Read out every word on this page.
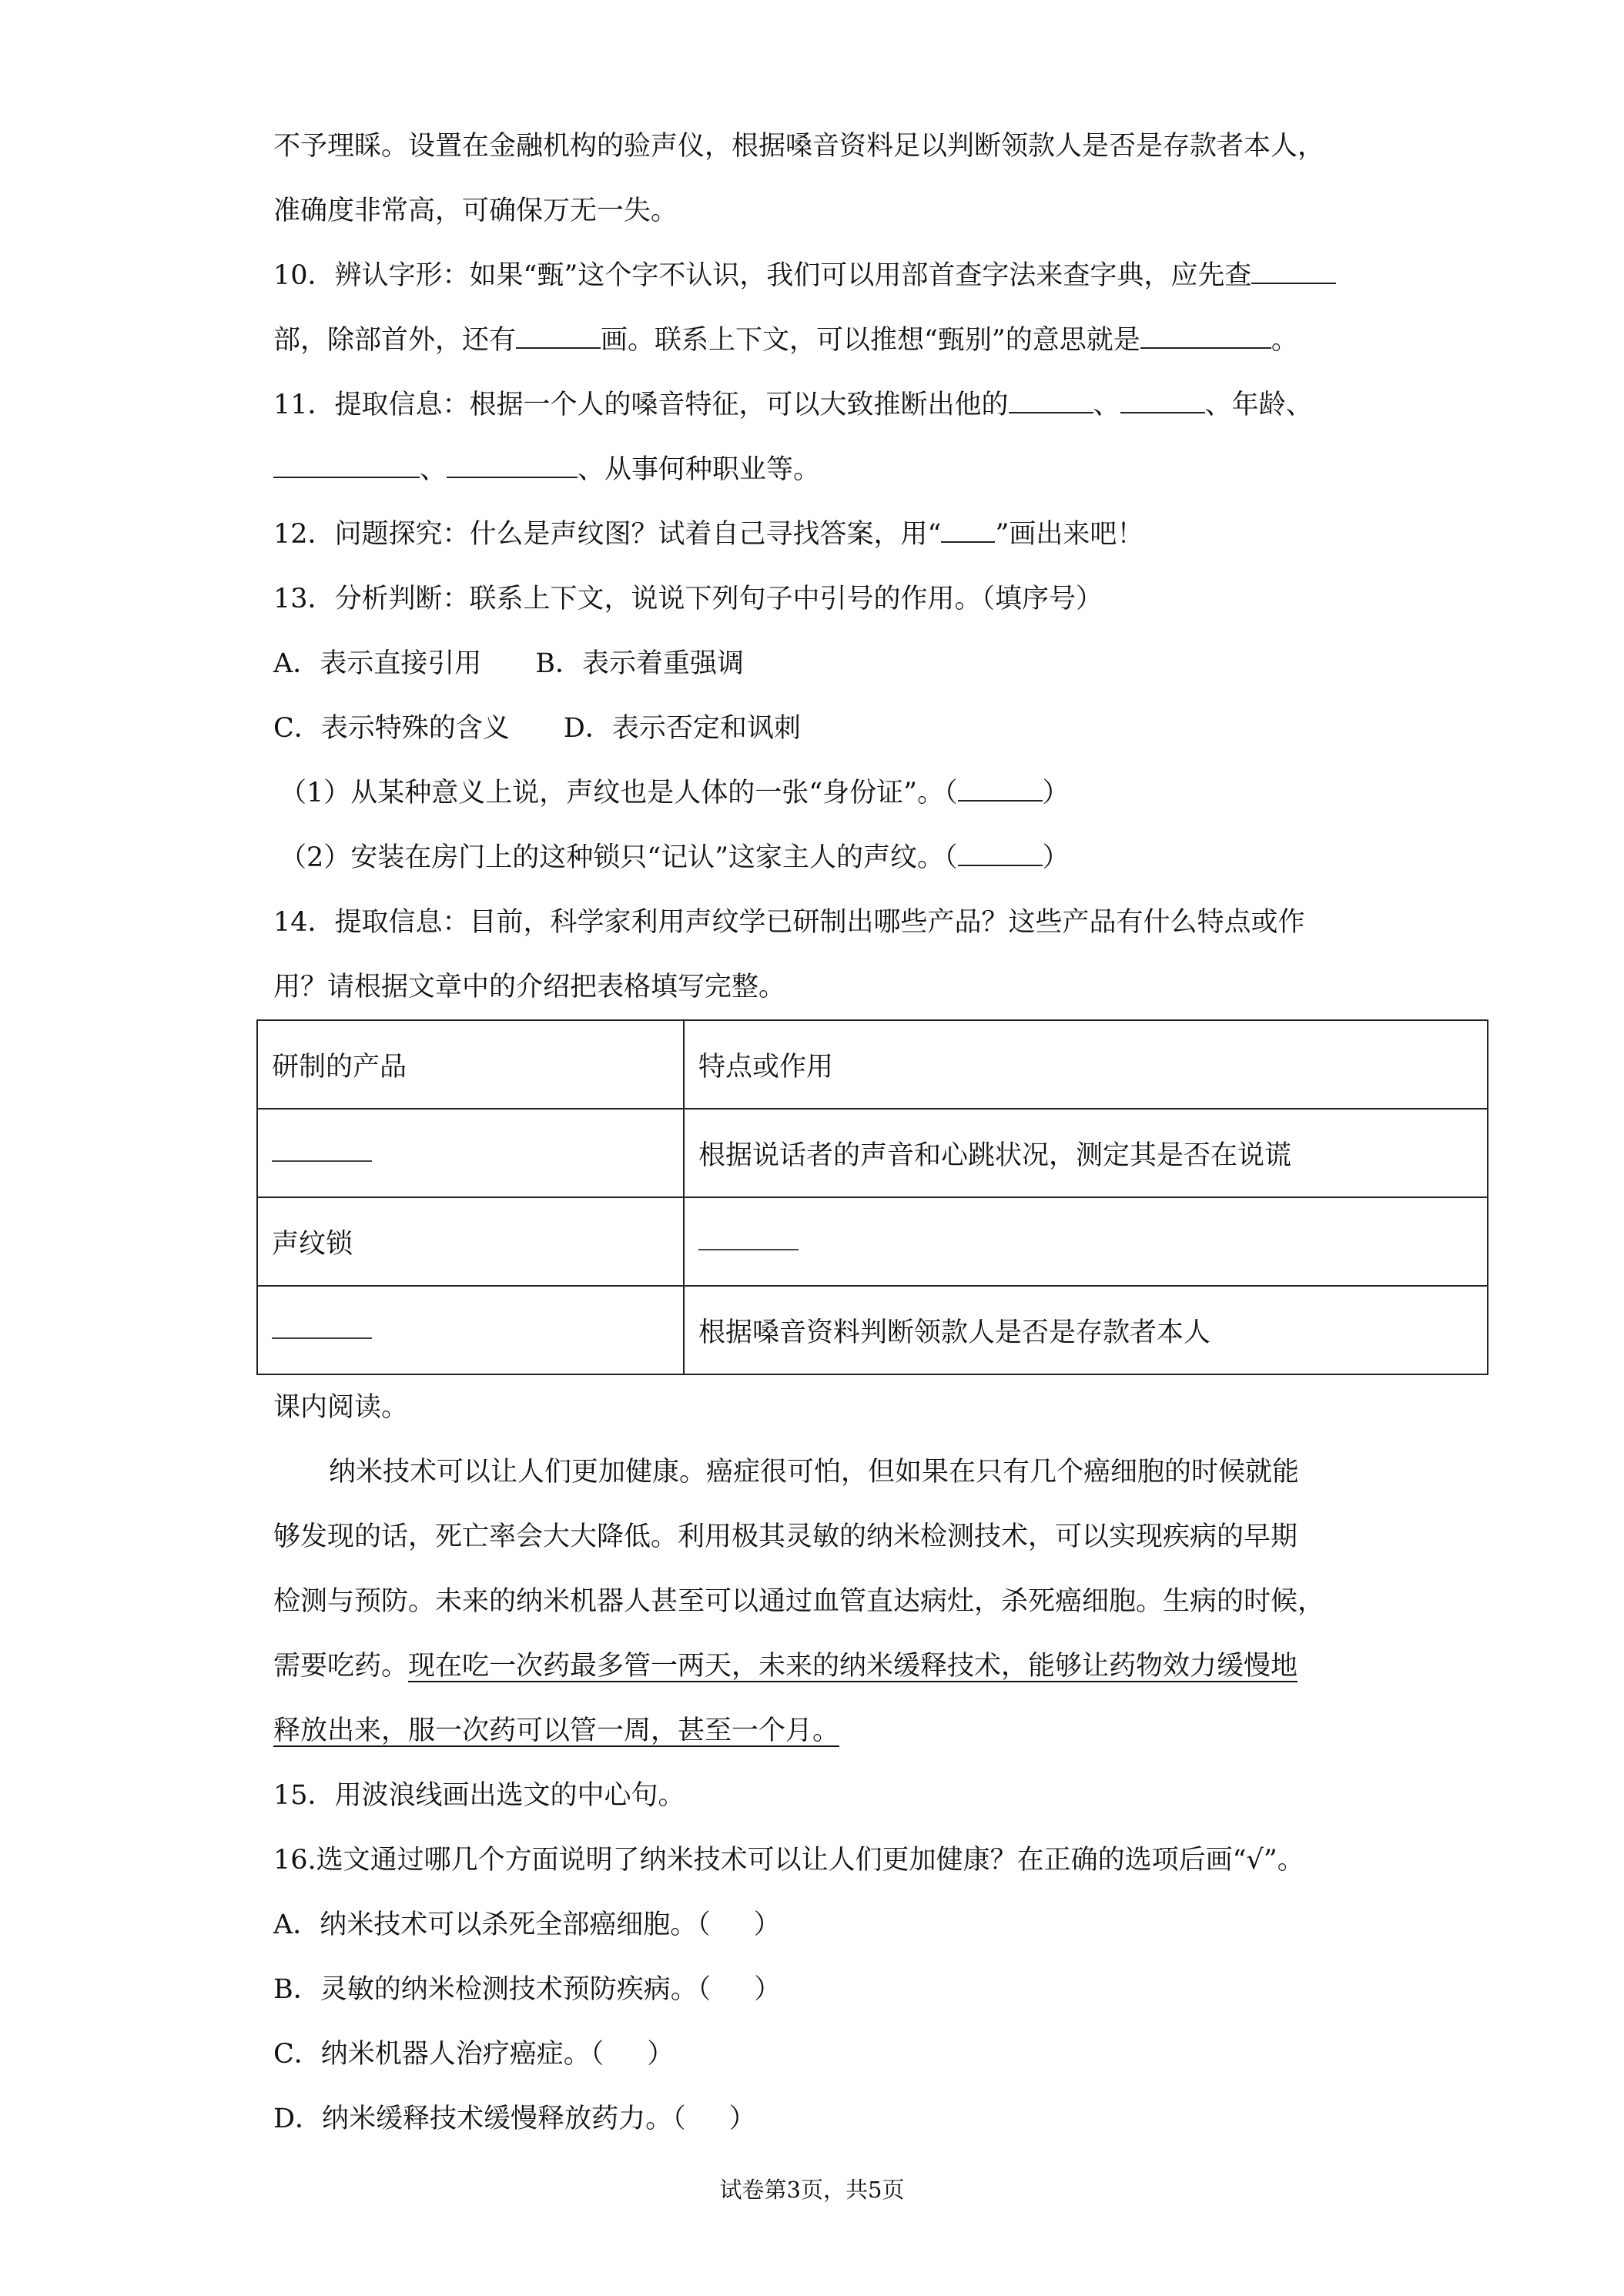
不予理睬。设置在金融机构的验声仪，根据嗓音资料足以判断领款人是否是存款者本人，
准确度非常高，可确保万无一失。
10．辨认字形：如果“甄”这个字不认识，我们可以用部首查字法来查字典，应先查
部，除部首外，还有	画。联系上下文，可以推想“甄别”的意思就是	。
11．提取信息：根据一个人的嗓音特征，可以大致推断出他的	、	、年龄、
、	、从事何种职业等。
12．问题探究：什么是声纹图？试着自己寻找答案，用“ ”画出来吧！
13．分析判断：联系上下文，说说下列句子中引号的作用。（填序号）
A．表示直接引用 B．表示着重强调
C．表示特殊的含义 D．表示否定和讽刺
（1）从某种意义上说，声纹也是人体的一张“身份证”。（	）
（2）安装在房门上的这种锁只“记认”这家主人的声纹。（	）
14．提取信息：目前，科学家利用声纹学已研制出哪些产品？这些产品有什么特点或作
用？请根据文章中的介绍把表格填写完整。
研制的产品	特点或作用
	根据说话者的声音和心跳状况，测定其是否在说谎
声纹锁	
	根据嗓音资料判断领款人是否是存款者本人
课内阅读。
纳米技术可以让人们更加健康。癌症很可怕，但如果在只有几个癌细胞的时候就能
够发现的话，死亡率会大大降低。利用极其灵敏的纳米检测技术，可以实现疾病的早期
检测与预防。未来的纳米机器人甚至可以通过血管直达病灶，杀死癌细胞。生病的时候，
需要吃药。现在吃一次药最多管一两天，未来的纳米缓释技术，能够让药物效力缓慢地
释放出来，服一次药可以管一周，甚至一个月。
15．用波浪线画出选文的中心句。
16.选文通过哪几个方面说明了纳米技术可以让人们更加健康？在正确的选项后画“√”。
A．纳米技术可以杀死全部癌细胞。（ ）
B．灵敏的纳米检测技术预防疾病。（ ）
C．纳米机器人治疗癌症。（ ）
D．纳米缓释技术缓慢释放药力。（ ）
试卷第3页，共5页
